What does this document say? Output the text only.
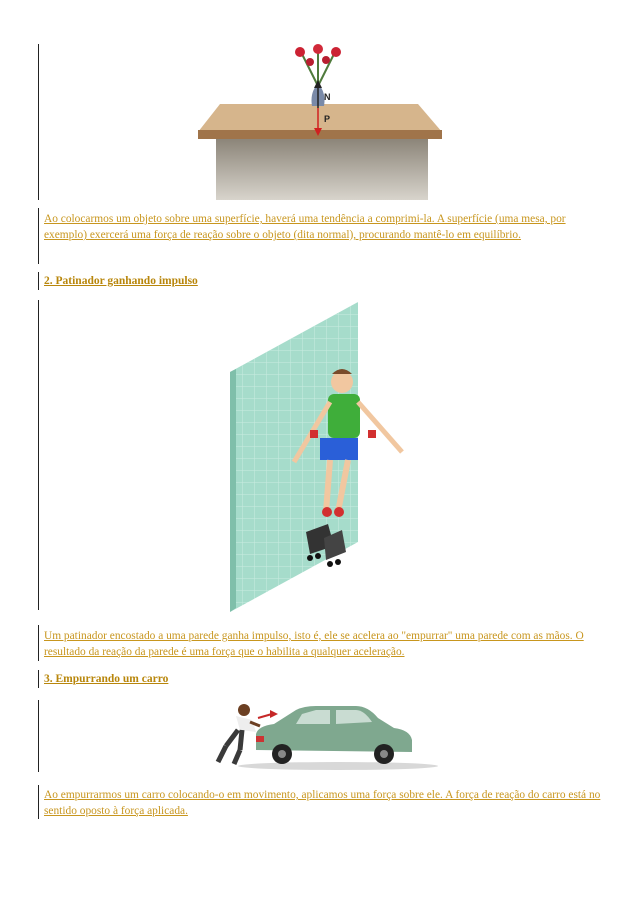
N
P
Ao colocarmos um objeto sobre uma superfície, haverá uma tendência a comprimi-la. A superfície (uma mesa, por exemplo) exercerá uma força de reação sobre o objeto (dita normal), procurando mantê-lo em equilíbrio.
2. Patinador ganhando impulso
Um patinador encostado a uma parede ganha impulso, isto é, ele se acelera ao "empurrar" uma parede com as mãos. O resultado da reação da parede é uma força que o habilita a qualquer aceleração.
3. Empurrando um carro
Ao empurrarmos um carro colocando-o em movimento, aplicamos uma força sobre ele. A força de reação do carro está no sentido oposto à força aplicada.
